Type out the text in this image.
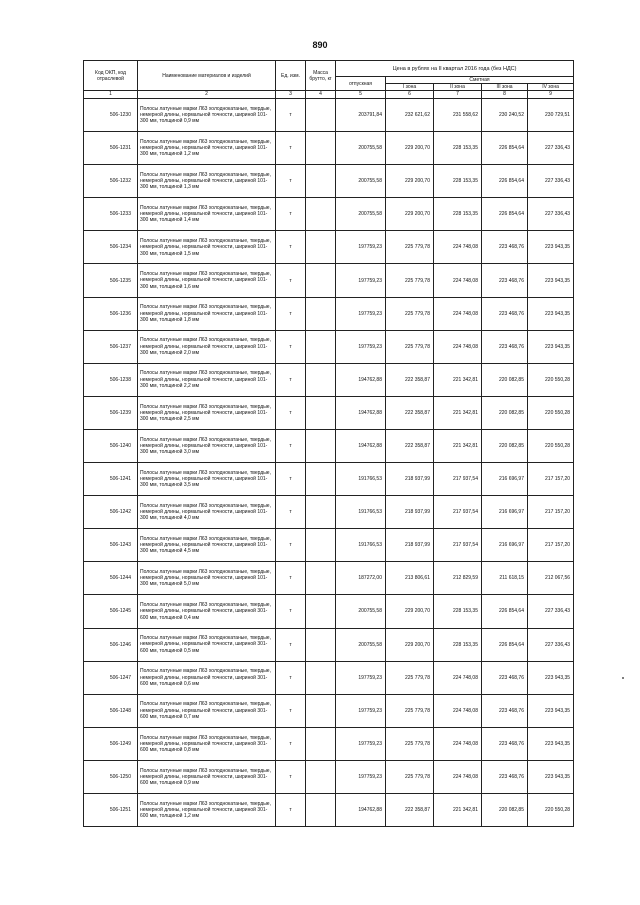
890
Код ОКП, код отраслевой	Наименование материалов и изделий	Ед. изм.	Масса брутто, кг	Цена в рублях на II квартал 2016 года (без НДС)				
				отпускная	Сметная			
					I зона	II зона	III зона	IV зона
1	2	3	4	5	6	7	8	9
506-1230	Полосы латунные марки Л63 холоднокатаные, твердые, немерной длины, нормальной точности, шириной 101-300 мм, толщиной 0,9 мм	т		203791,84	232 621,62	231 558,62	230 240,52	230 729,51
506-1231	Полосы латунные марки Л63 холоднокатаные, твердые, немерной длины, нормальной точности, шириной 101-300 мм, толщиной 1,2 мм	т		200755,58	229 200,70	228 153,35	226 854,64	227 336,43
506-1232	Полосы латунные марки Л63 холоднокатаные, твердые, немерной длины, нормальной точности, шириной 101-300 мм, толщиной 1,3 мм	т		200755,58	229 200,70	228 153,35	226 854,64	227 336,43
506-1233	Полосы латунные марки Л63 холоднокатаные, твердые, немерной длины, нормальной точности, шириной 101-300 мм, толщиной 1,4 мм	т		200755,58	229 200,70	228 153,35	226 854,64	227 336,43
506-1234	Полосы латунные марки Л63 холоднокатаные, твердые, немерной длины, нормальной точности, шириной 101-300 мм, толщиной 1,5 мм	т		197759,23	225 779,78	224 748,08	223 468,76	223 943,35
506-1235	Полосы латунные марки Л63 холоднокатаные, твердые, немерной длины, нормальной точности, шириной 101-300 мм, толщиной 1,6 мм	т		197759,23	225 779,78	224 748,08	223 468,76	223 943,35
506-1236	Полосы латунные марки Л63 холоднокатаные, твердые, немерной длины, нормальной точности, шириной 101-300 мм, толщиной 1,8 мм	т		197759,23	225 779,78	224 748,08	223 468,76	223 943,35
506-1237	Полосы латунные марки Л63 холоднокатаные, твердые, немерной длины, нормальной точности, шириной 101-300 мм, толщиной 2,0 мм	т		197759,23	225 779,78	224 748,08	223 468,76	223 943,35
506-1238	Полосы латунные марки Л63 холоднокатаные, твердые, немерной длины, нормальной точности, шириной 101-300 мм, толщиной 2,2 мм	т		194762,88	222 358,87	221 342,81	220 082,85	220 550,28
506-1239	Полосы латунные марки Л63 холоднокатаные, твердые, немерной длины, нормальной точности, шириной 101-300 мм, толщиной 2,5 мм	т		194762,88	222 358,87	221 342,81	220 082,85	220 550,28
506-1240	Полосы латунные марки Л63 холоднокатаные, твердые, немерной длины, нормальной точности, шириной 101-300 мм, толщиной 3,0 мм	т		194762,88	222 358,87	221 342,81	220 082,85	220 550,28
506-1241	Полосы латунные марки Л63 холоднокатаные, твердые, немерной длины, нормальной точности, шириной 101-300 мм, толщиной 3,5 мм	т		191766,53	218 937,99	217 937,54	216 696,97	217 157,20
506-1242	Полосы латунные марки Л63 холоднокатаные, твердые, немерной длины, нормальной точности, шириной 101-300 мм, толщиной 4,0 мм	т		191766,53	218 937,99	217 937,54	216 696,97	217 157,20
506-1243	Полосы латунные марки Л63 холоднокатаные, твердые, немерной длины, нормальной точности, шириной 101-300 мм, толщиной 4,5 мм	т		191766,53	218 937,99	217 937,54	216 696,97	217 157,20
506-1244	Полосы латунные марки Л63 холоднокатаные, твердые, немерной длины, нормальной точности, шириной 101-300 мм, толщиной 5,0 мм	т		187272,00	213 806,61	212 829,59	211 618,15	212 067,56
506-1245	Полосы латунные марки Л63 холоднокатаные, твердые, немерной длины, нормальной точности, шириной 301-600 мм, толщиной 0,4 мм	т		200755,58	229 200,70	228 153,35	226 854,64	227 336,43
506-1246	Полосы латунные марки Л63 холоднокатаные, твердые, немерной длины, нормальной точности, шириной 301-600 мм, толщиной 0,5 мм	т		200755,58	229 200,70	228 153,35	226 854,64	227 336,43
506-1247	Полосы латунные марки Л63 холоднокатаные, твердые, немерной длины, нормальной точности, шириной 301-600 мм, толщиной 0,6 мм	т		197759,23	225 779,78	224 748,08	223 468,76	223 943,35
506-1248	Полосы латунные марки Л63 холоднокатаные, твердые, немерной длины, нормальной точности, шириной 301-600 мм, толщиной 0,7 мм	т		197759,23	225 779,78	224 748,08	223 468,76	223 943,35
506-1249	Полосы латунные марки Л63 холоднокатаные, твердые, немерной длины, нормальной точности, шириной 301-600 мм, толщиной 0,8 мм	т		197759,23	225 779,78	224 748,08	223 468,76	223 943,35
506-1250	Полосы латунные марки Л63 холоднокатаные, твердые, немерной длины, нормальной точности, шириной 301-600 мм, толщиной 0,9 мм	т		197759,23	225 779,78	224 748,08	223 468,76	223 943,35
506-1251	Полосы латунные марки Л63 холоднокатаные, твердые, немерной длины, нормальной точности, шириной 301-600 мм, толщиной 1,2 мм	т		194762,88	222 358,87	221 342,81	220 082,85	220 550,28
